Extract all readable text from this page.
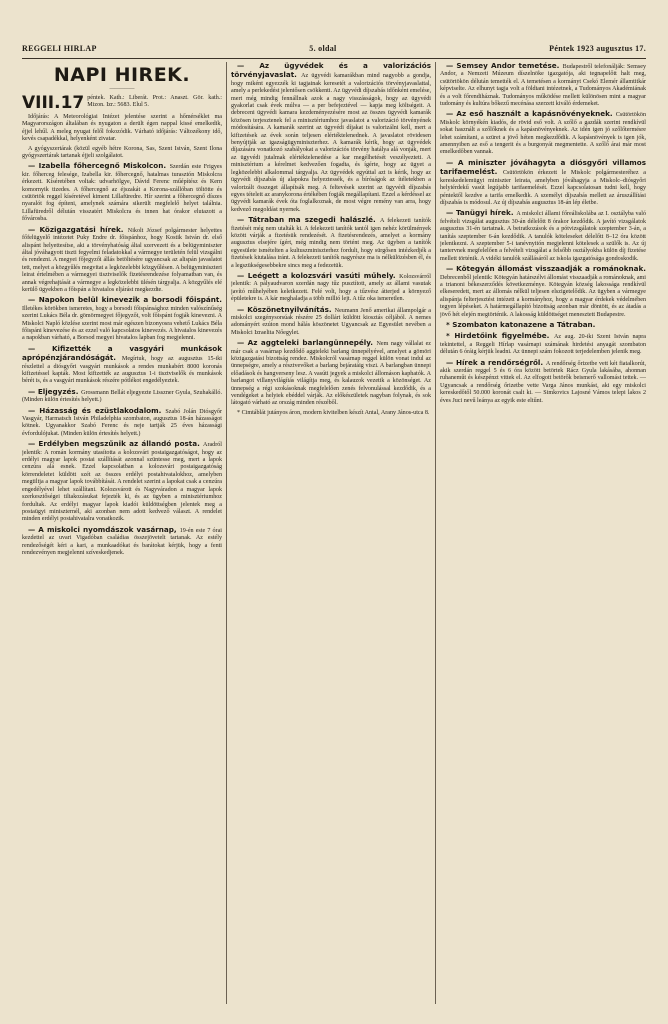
REGGELI HIRLAP	5. oldal	Péntek 1923 augusztus 17.
NAPI HIREK.
—————
VIII.17 péntek. Kath.: Liberát. Prot.: Anaszt. Gör. kath.: Mizon. Izr.: 5683. Elul 5.

Időjárás: A Meteorológiai Intézet jelentése szerint a hőmérséklet ma Magyarországon általában és nyugaton a derült égen nappal kissé emelkedik, éjjel lehűl. A meleg nyugat felől fokozódik. Várható időjárás: Változékony idő, kevés csapadékkal, helyenként zivatar.

A gyógyszertárak (közül egyéb hétre Korona, Sas, Szent István, Szent Ilona gyógyszertárak tartanak éjjeli szolgálatot.

— Izabella főhercegnő Miskolcon. Szerdán este Frigyes kir. főherceg felesége, Izabella kir. főhercegnő, hatalmas turasztón Miskolcra érkezett. Kíséretében voltak: udvarhölgye, Dávid Ferenc műépítész és Kern komornyik tizedes. A főhercegnő az éjszakát a Korona-szállóban töltötte és csütörtök reggel kíséretével kiment Lillafüredre. Hír szerint a főhercegnő díszes nyaralót fog építeni, amelynek számára sikerült megfelelő helyet találnia. Lillafüredről délután visszatért Miskolcra és innen hat órakor elutazott a fővárosba.

— Közigazgatási hírek. Nikolt József polgármester helyettes főfelügyelő intézetet Puky Endre dr. főispánhoz, hogy Kostik István dr. első alispánt helyettesítse, aki a törvényhatóság által szervezett és a belügyminiszter által jóváhagyott tiszti fegyelmi feladatokkal a vármegye területén felül vizsgálni és rendezni. A megyei főjegyzői állás betöltésére ugyancsak az alispán javaslatot tett, melyet a közgyűlés megvitat a legközelebbi közgyűlésen. A belügyminiszteri leirat értelmében a vármegyei tisztviselők fizetésrendezése folyamatban van, és annak végrehajtását a vármegye a legközelebbi ülésén tárgyalja. A közgyűlés elé kerülő ügyekben a főispán a hivatalos eljárást megkezdte.

— Napokon belül kinevezik a borsodi főispánt. Illetékes körökben ismeretes, hogy a borsodi főispánsághoz minden valószínűség szerint Lukács Béla dr. gömörmegyei főjegyzőt, volt főispánt fogják kinevezni. A Miskolci Napló közlése szerint most már egészen bizonyosra vehető Lukács Béla főispáni kinevezése és az ezzel való kapcsolatos kinevezés. A hivatalos kinevezés a napokban várható, a Borsod megyei hivatalos lapban fog megjelenni.

— Kifizették a vasgyári munkások aprópénzjárandóságát. Megírtuk, hogy az augusztus 15-iki részlettel a diósgyőri vasgyári munkások a rendes munkabért 8000 koronás kifizetéssel kapták. Most kifizették az augusztus 1-i tisztviselők és munkások bérét is, és a vasgyári munkások részére pótlékot engedélyeztek.

— Eljegyzés. Grossmann Bellát eljegyezte Lisszner Gyula, Szuhakálló. (Minden külön értesítés helyett.)

— Házasság és ezüstlakodalom. Szabó Jolán Diósgyőr Vasgyár, Harmatsch István Philadelphia szombaton, augusztus 18-án házasságot kötnek. Ugyanakkor Szabó Ferenc és neje tartják 25 éves házassági évfordulójukat. (Minden külön értesítés helyett.)

— Erdélyben megszűnik az állandó posta. Aradról jelentik: A román kormány utasította a kolozsvári postaigazgatóságot, hogy az erdélyi magyar lapok postai szállítását azonnal szüntesse meg, mert a lapok cenzúra alá esnek. Ezzel kapcsolatban a kolozsvári postaigazgatóság körrendeletet küldött szét az összes erdélyi postahivatalokhoz, amelyben megtiltja a magyar lapok továbbítását. A rendelet szerint a lapokat csak a cenzúra engedélyével lehet szállítani. Kolozsvárott és Nagyváradon a magyar lapok szerkesztőségei tiltakozásukat fejezték ki, és az ügyben a minisztériumhoz fordultak. Az erdélyi magyar lapok kiadói küldöttségben jelentek meg a postaügyi miniszternél, aki azonban nem adott kedvező választ. A rendelet minden erdélyi postahivatalra vonatkozik.

— A miskolci nyomdászok vasárnap, 19-én este 7 órai kezdettel az uvari Vigadóban családias összejövetelt tartanak. Az estély rendezőségét kéri a kari, a munkaadókat és barátokat kérjük, hogy a fenti rendezvényen megjelenni szíveskedjenek.

— Az ügyvédek és a valorizációs törvényjavaslat. Az ügyvédi kamarákban mind nagyobb a gondja, hogy miként egyezzék ki tagjainak keresetét a valorizációs törvényjavaslattal, amely a perlekedést jelentősen csökkenti. Az ügyvédi díjszabás időnként emelése, mert még mindig fennállnak azok a nagy visszásságok, hogy az ügyvédi gyakorlat csak évek múlva — a per befejeztével — kapja meg költségeit. A debreceni ügyvédi kamara kezdeményezésére most az összes ügyvédi kamarák közösen terjesztenek fel a minisztériumhoz javaslatot a valorizáció törvényének módosítására. A kamarák szerint az ügyvédi díjakat is valorizálni kell, mert a kifizetések az évek során teljesen elértéktelenednek. A javaslatot rövidesen benyújtják az igazságügyminiszterhez. A kamarák kérik, hogy az ügyvédek díjazására vonatkozó szabályokat a valorizációs törvény hatálya alá vonják, mert az ügyvédi jutalmak elértéktelenedése a kar megélhetését veszélyezteti. A minisztérium a kérelmet kedvezően fogadta, és ígérte, hogy az ügyet a legközelebbi alkalommal tárgyalja. Az ügyvédek egyúttal azt is kérik, hogy az ügyvédi díjszabás új alapokra helyeztessék, és a bíróságok az ítéletekben a valorizált összeget állapítsák meg. A feltevések szerint az ügyvédi díjszabás egyes tételeit az aranykorona értékében fogják megállapítani. Ezzel a kérdéssel az ügyvédi kamarák évek óta foglalkoznak, de most végre remény van arra, hogy kedvező megoldást nyernek.

— Tátraban ma szegedi halászlé. A felekezeti tanítók fizetését még nem utalták ki. A felekezeti tanítók tantól igen nehéz körülmények között várják a fizetésük rendezését. A fizetésrendezés, amelyet a kormány augusztus elsejére ígért, még mindig nem történt meg. Az ügyben a tanítók egyesülete ismételten a kultuszminiszterhez fordult, hogy sürgősen intézkedjék a fizetések kiutalása iránt. A felekezeti tanítók nagyrésze ma is nélkülözésben él, és a legszükségesebbekre sincs meg a fedezetük.

— Leégett a kolozsvári vasúti műhely. Kolozsvárról jelentik: A pályaudvaron szerdán nagy tűz pusztított, amely az állami vasutak javító műhelyében keletkezett. Felé volt, hogy a tűzvész átterjed a környező épületekre is. A kár meghaladja a több millió lejt. A tűz oka ismeretlen.

— Köszönetnyilvánítás. Neumann Jenő amerikai állampolgár a miskolci szegénysorsúak részére 25 dollárt küldött kiosztás céljából. A nemes adományért ezúton mond hálás köszönetet Ugyancsak az Egyesület nevében a Miskolci Izraelita Nőegylet.

— Az aggteleki barlangünnepély. Nem nagy vállalat ez már csak a vasárnap kezdődő aggteleki barlang ünnepélyével, amelyet a gömöri közigazgatási bizottság rendez. Miskolcról vasárnap reggel külön vonat indul az ünnepségre, amely a résztvevőket a barlang bejáratáig viszi. A barlangban ünnepi előadások és hangverseny lesz. A vasúti jegyek a miskolci állomáson kaphatók. A barlangot villanyvilágítás világítja meg, és kalauzok vezetik a közönséget. Az ünnepség a régi szokásoknak megfelelően zenés felvonulással kezdődik, és a vendégeket a helyiek ebéddel várják. Az előkészületek nagyban folynak, és sok látogató várható az ország minden részéből.

* Cimtáblát jutányos áron, modern kivitelben készít Antal, Arany János-utca 8.

— Semsey Andor temetése. Budapestről telefonálják: Semsey Andor, a Nemzeti Múzeum díszelnöke igazgatója, aki tegnapelőtt halt meg, csütörtökön délután temették el. A temetésen a kormányt Csekó Elemér államtitkár képviselte. Az elhunyt tagja volt a földtani intézetnek, a Tudományos Akadémiának és a volt főrendiháznak. Tudományos működése mellett különösen mint a magyar tudomány és kultúra bőkezű mecénása szerzett kiváló érdemeket.

— Az eső használt a kapásnövényeknek. Csütörtökön Miskolc környékén kiadós, de rövid eső volt. A szőlő a gazdák szerint rendkívül sokat használt a szőlőknek és a kapásnövényeknek. Az idén igen jó szőlőtermésre lehet számítani, a szüret a jövő héten megkezdődik. A kapásnövények is igen jók, amennyiben az eső a tengerit és a burgonyát megmentette. A szőlő árai már most emelkedőben vannak.

— A miniszter jóváhagyta a diósgyőri villamos tarifaemelést. Csütörtökön érkezett le Miskolc polgármesteréhez a kereskedelemügyi miniszter leirata, amelyben jóváhagyja a Miskolc–diósgyőri helyiérdekű vasút legújabb tarifaemelését. Ezzel kapcsolatosan tudni kell, hogy péntektől kezdve a tarifa emelkedik. A személyi díjszabás mellett az áruszállítási díjszabás is módosul. Az új díjszabás augusztus 18-án lép életbe.

— Tanügyi hírek. A miskolci állami főreáliskolába az I. osztályba való felvételi vizsgálat augusztus 30-án délelőtt 8 órakor kezdődik. A javító vizsgálatok augusztus 31-én tartatnak. A beiratkozások és a pótvizsgálatok szeptember 3-án, a tanítás szeptember 6-án kezdődik. A tanulók köteleseket délelőtt 8–12 óra között jelentkezni. A szeptember 5-i tanévnyitón megjelenni kötelesek a szülők is. Az új tantervnek megfelelően a felvételi vizsgálat a felsőbb osztályokba külön díj fizetése mellett történik. A vidéki tanulók szállásáról az iskola igazgatósága gondoskodik.

— Kötegyán állomást visszaadják a románoknak. Debrecenből jelentik: Kötegyán határszélvi állomást visszaadják a románoknak, ami a trianoni békeszerződés következménye. Kötegyán község lakossága rendkívül elkeseredett, mert az állomás nélkül teljesen elszigetelődik. Az ügyben a vármegye alispánja felterjesztést intézett a kormányhoz, hogy a magyar érdekek védelmében tegyen lépéseket. A határmegállapító bizottság azonban már döntött, és az átadás a jövő hét elején megtörténik. A lakosság küldöttséget menesztett Budapestre.

* Szombaton katonazene a Tátraban.

* Hirdetőink figyelmébe. Az aug. 20-iki Szent István napra tekintettel, a Reggeli Hírlap vasárnapi számának hirdetési anyagát szombaton délután 6 óráig kérjük leadni. Az ünnepi szám fokozott terjedelemben jelenik meg.

— Hírek a rendőrségről. A rendőrség őrizetbe vett két fiatalkorút, akik szerdán reggel 5 és 6 óra között betörtek Rácz Gyula lakásába, ahonnan ruhaneműt és készpénzt vittek el. Az elfogott betörők beismerő vallomást tettek. — Ugyancsak a rendőrség őrizetbe vette Varga János munkást, aki egy miskolci kereskedőtől 50.000 koronát csalt ki. — Simkovics Lajosné Vámos telepi lakos 2 éves Juci nevű leánya az egyik este eltűnt.
